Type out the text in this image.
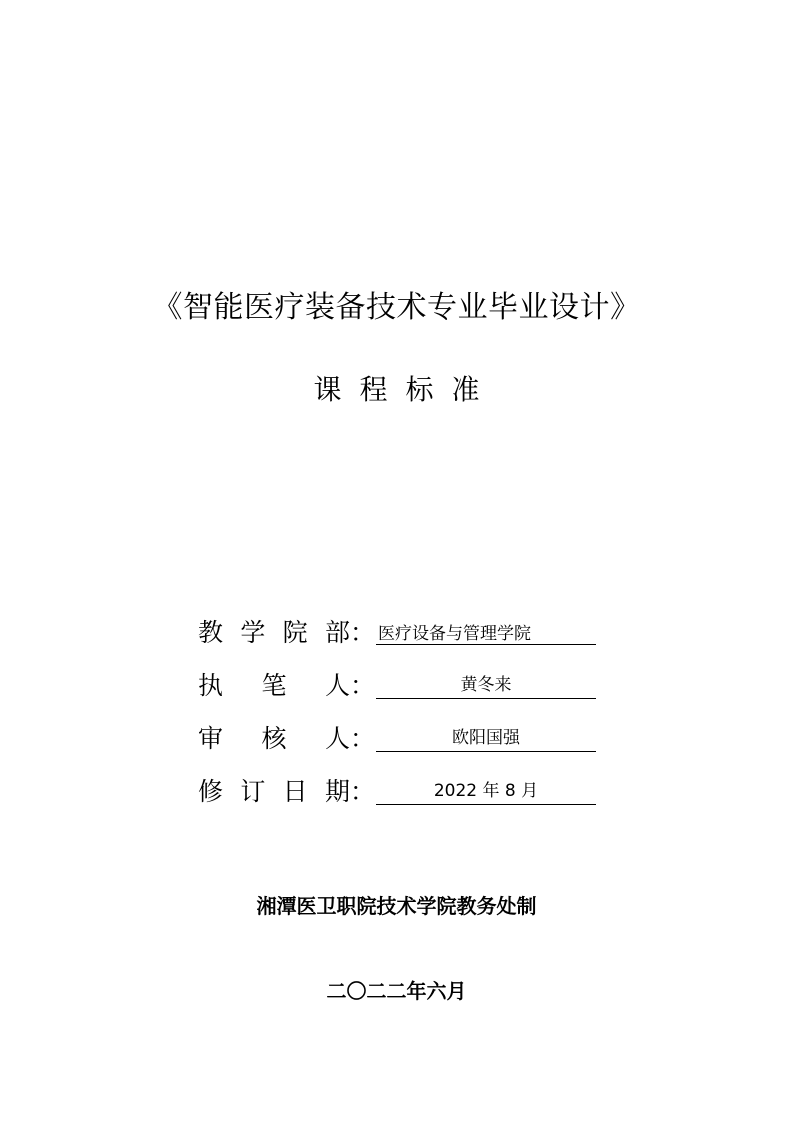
《智能医疗装备技术专业毕业设计》
课程标准
教 学 院 部 ： 医疗设备与管理学院
执 笔 人 ：	黄冬来
审 核 人 ：	欧阳国强
修 订 日 期 ：	2022 年 8 月
湘潭医卫职院技术学院教务处制
二〇二二年六月
